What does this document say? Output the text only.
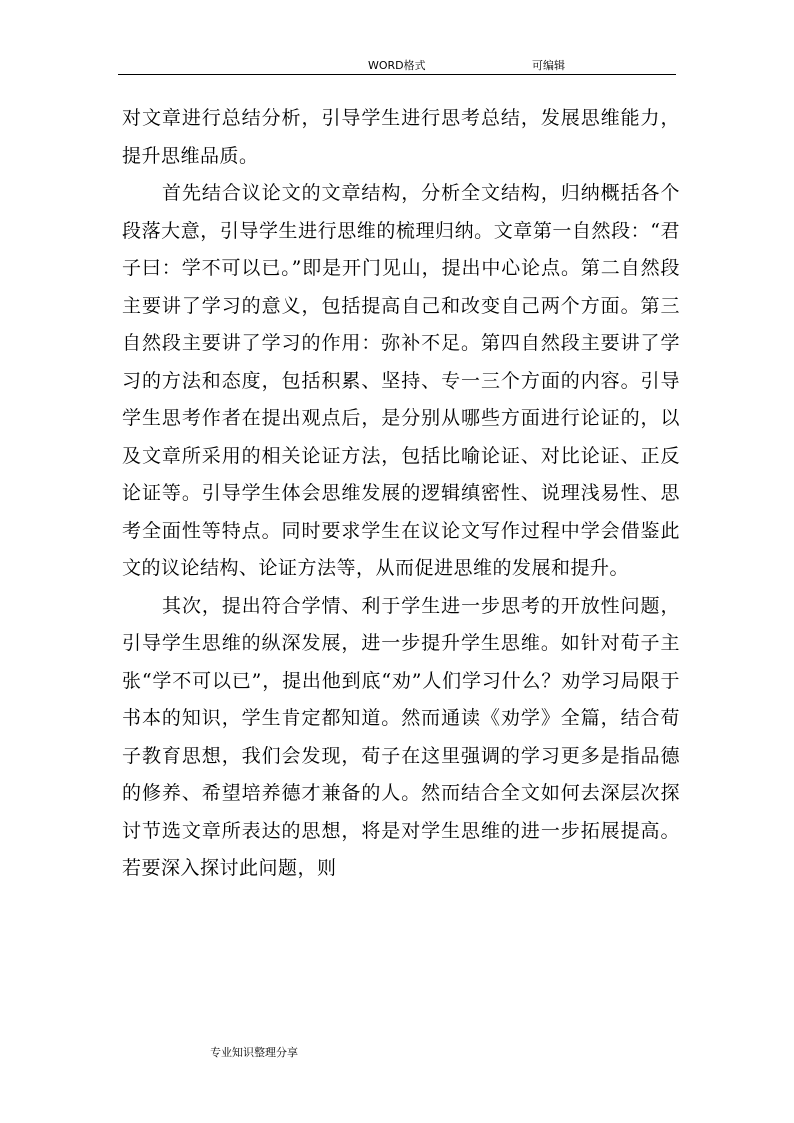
WORD格式	可编辑

对文章进行总结分析，引导学生进行思考总结，发展思维能力，提升思维品质。

首先结合议论文的文章结构，分析全文结构，归纳概括各个段落大意，引导学生进行思维的梳理归纳。文章第一自然段：“君子曰：学不可以已。”即是开门见山，提出中心论点。第二自然段主要讲了学习的意义，包括提高自己和改变自己两个方面。第三自然段主要讲了学习的作用：弥补不足。第四自然段主要讲了学习的方法和态度，包括积累、坚持、专一三个方面的内容。引导学生思考作者在提出观点后，是分别从哪些方面进行论证的，以及文章所采用的相关论证方法，包括比喻论证、对比论证、正反论证等。引导学生体会思维发展的逻辑缜密性、说理浅易性、思考全面性等特点。同时要求学生在议论文写作过程中学会借鉴此文的议论结构、论证方法等，从而促进思维的发展和提升。

其次，提出符合学情、利于学生进一步思考的开放性问题，引导学生思维的纵深发展，进一步提升学生思维。如针对荀子主张“学不可以已”，提出他到底“劝”人们学习什么？劝学习局限于书本的知识，学生肯定都知道。然而通读《劝学》全篇，结合荀子教育思想，我们会发现，荀子在这里强调的学习更多是指品德的修养、希望培养德才兼备的人。然而结合全文如何去深层次探讨节选文章所表达的思想，将是对学生思维的进一步拓展提高。若要深入探讨此问题，则

专业知识整理分享
